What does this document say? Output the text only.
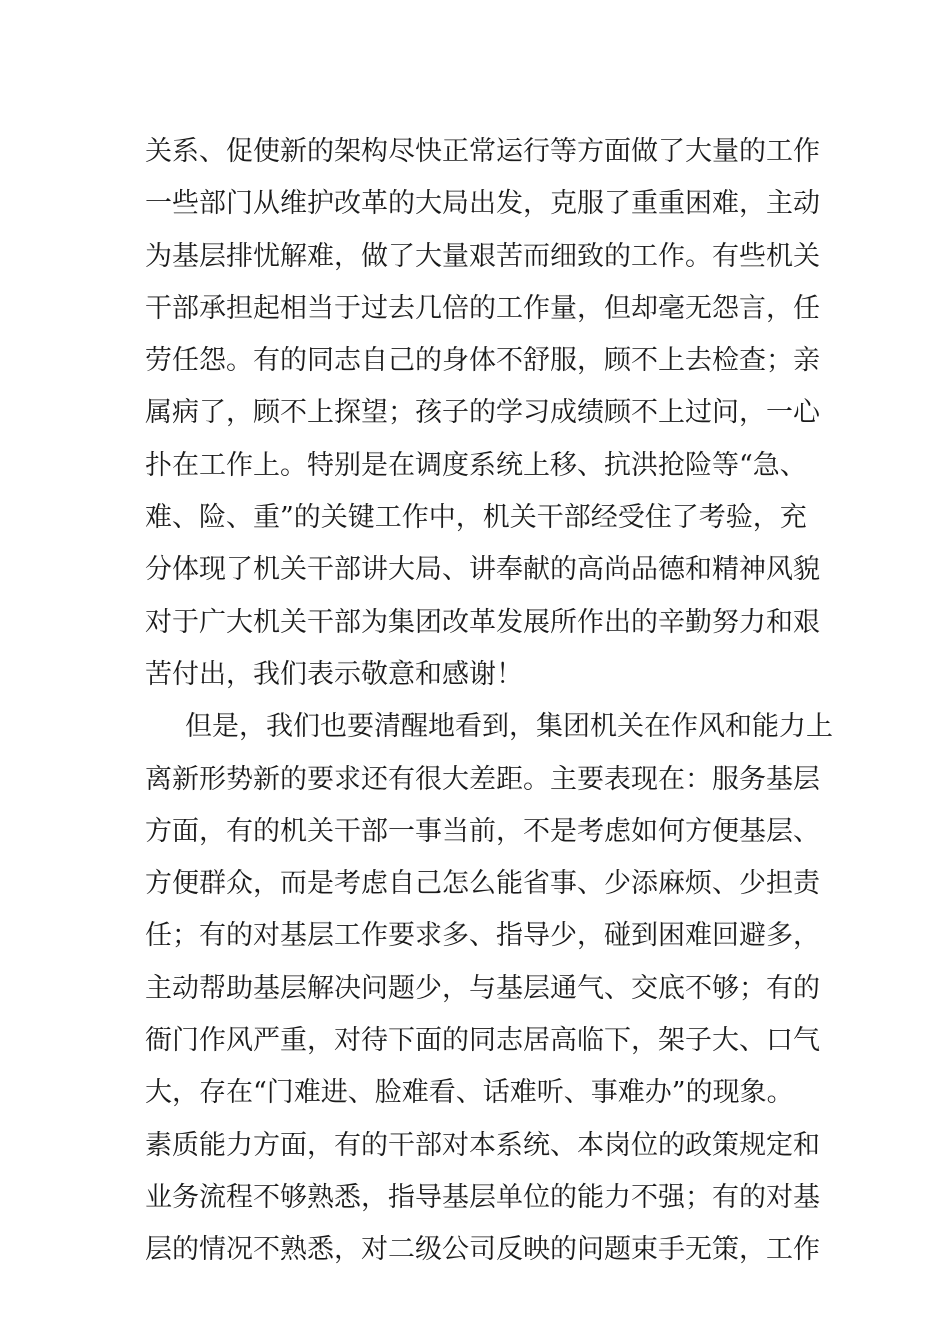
关系、促使新的架构尽快正常运行等方面做了大量的工作
一些部门从维护改革的大局出发，克服了重重困难，主动
为基层排忧解难，做了大量艰苦而细致的工作。有些机关
干部承担起相当于过去几倍的工作量，但却毫无怨言，任
劳任怨。有的同志自己的身体不舒服，顾不上去检查；亲
属病了，顾不上探望；孩子的学习成绩顾不上过问，一心
扑在工作上。特别是在调度系统上移、抗洪抢险等“急、
难、险、重”的关键工作中，机关干部经受住了考验，充
分体现了机关干部讲大局、讲奉献的高尚品德和精神风貌
对于广大机关干部为集团改革发展所作出的辛勤努力和艰
苦付出，我们表示敬意和感谢！
但是，我们也要清醒地看到，集团机关在作风和能力上
离新形势新的要求还有很大差距。主要表现在：服务基层
方面，有的机关干部一事当前，不是考虑如何方便基层、
方便群众，而是考虑自己怎么能省事、少添麻烦、少担责
任；有的对基层工作要求多、指导少，碰到困难回避多，
主动帮助基层解决问题少，与基层通气、交底不够；有的
衙门作风严重，对待下面的同志居高临下，架子大、口气
大，存在“门难进、脸难看、话难听、事难办”的现象。
素质能力方面，有的干部对本系统、本岗位的政策规定和
业务流程不够熟悉，指导基层单位的能力不强；有的对基
层的情况不熟悉，对二级公司反映的问题束手无策，工作
